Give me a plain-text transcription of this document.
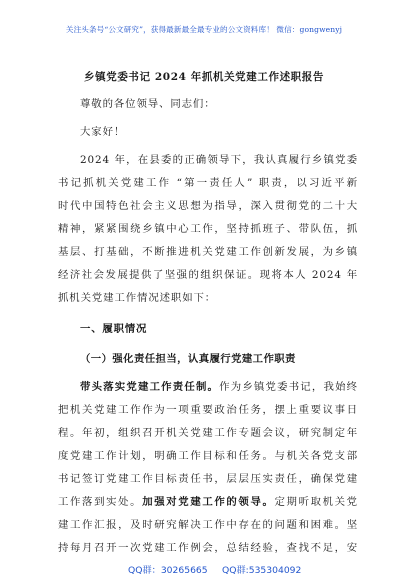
关注头条号“公文研究”，获得最新最全最专业的公文资料库！ 微信：gongwenyj
乡镇党委书记 2024 年抓机关党建工作述职报告
尊敬的各位领导、同志们：
大家好！
2024 年，在县委的正确领导下，我认真履行乡镇党委
书记抓机关党建工作 “第一责任人” 职责，以习近平新
时代中国特色社会主义思想为指导，深入贯彻党的二十大
精神，紧紧围绕乡镇中心工作，坚持抓班子、带队伍，抓
基层、打基础，不断推进机关党建工作创新发展，为乡镇
经济社会发展提供了坚强的组织保证。现将本人 2024 年
抓机关党建工作情况述职如下：
一、履职情况
（一）强化责任担当，认真履行党建工作职责
带头落实党建工作责任制。作为乡镇党委书记，我始终
把机关党建工作作为一项重要政治任务，摆上重要议事日
程。年初，组织召开机关党建工作专题会议，研究制定年
度党建工作计划，明确工作目标和任务。与机关各党支部
书记签订党建工作目标责任书，层层压实责任，确保党建
工作落到实处。加强对党建工作的领导。定期听取机关党
建工作汇报，及时研究解决工作中存在的问题和困难。坚
持每月召开一次党建工作例会，总结经验，查找不足，安
QQ群：30265665 QQ群:535304092
